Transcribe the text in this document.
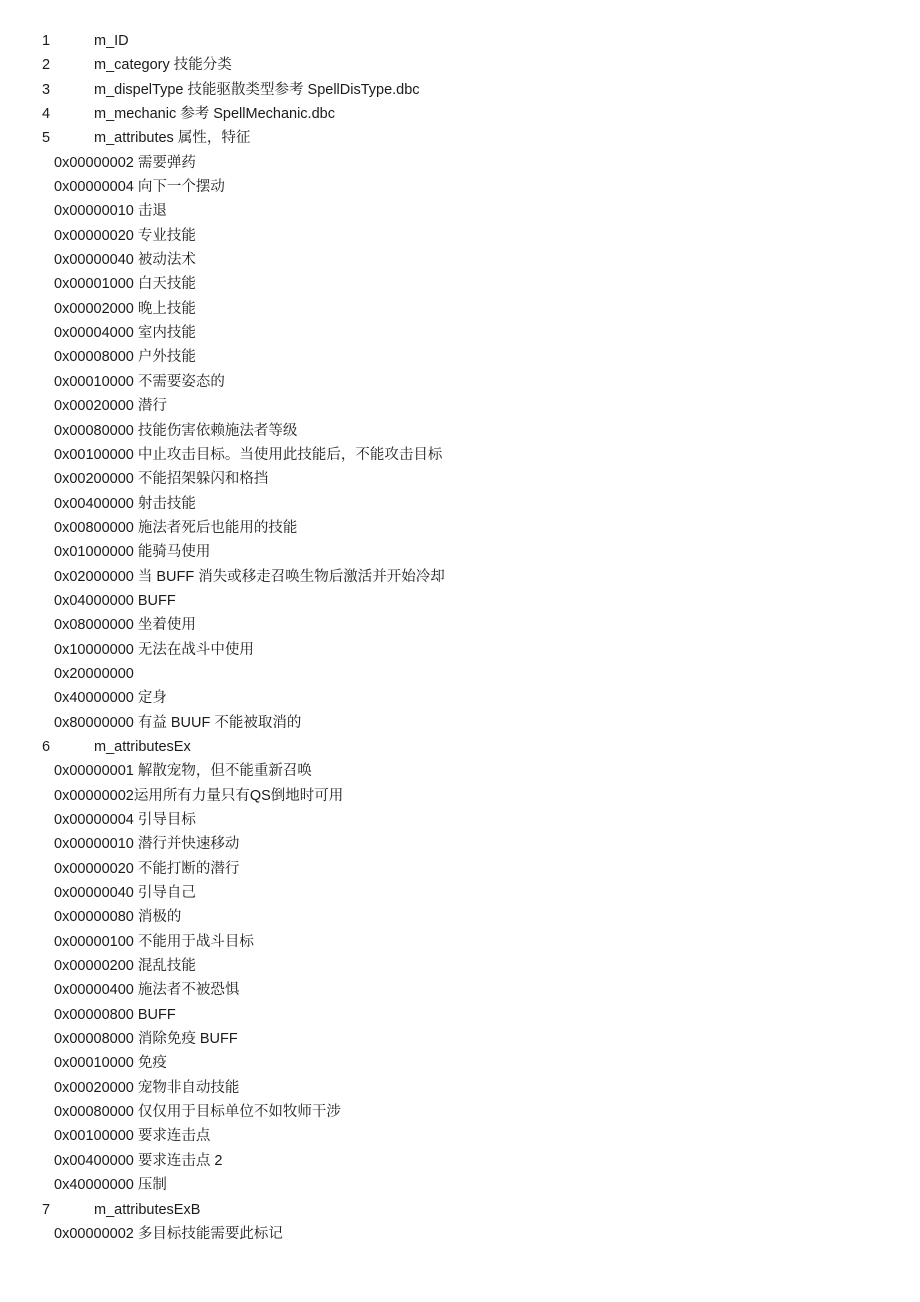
1	m_ID
2	m_category 技能分类
3	m_dispelType 技能驱散类型参考 SpellDisType.dbc
4	m_mechanic 参考 SpellMechanic.dbc
5	m_attributes 属性，特征
0x00000002 需要弹药
0x00000004 向下一个摆动
0x00000010 击退
0x00000020 专业技能
0x00000040 被动法术
0x00001000 白天技能
0x00002000 晚上技能
0x00004000 室内技能
0x00008000 户外技能
0x00010000 不需要姿态的
0x00020000 潜行
0x00080000 技能伤害依赖施法者等级
0x00100000 中止攻击目标。当使用此技能后，不能攻击目标
0x00200000 不能招架躲闪和格挡
0x00400000 射击技能
0x00800000 施法者死后也能用的技能
0x01000000 能骑马使用
0x02000000 当 BUFF 消失或移走召唤生物后激活并开始冷却
0x04000000 BUFF
0x08000000 坐着使用
0x10000000 无法在战斗中使用
0x20000000
0x40000000 定身
0x80000000 有益 BUUF 不能被取消的
6	m_attributesEx
0x00000001 解散宠物，但不能重新召唤
0x00000002运用所有力量只有QS倒地时可用
0x00000004 引导目标
0x00000010 潜行并快速移动
0x00000020 不能打断的潜行
0x00000040 引导自己
0x00000080 消极的
0x00000100 不能用于战斗目标
0x00000200 混乱技能
0x00000400 施法者不被恐惧
0x00000800 BUFF
0x00008000 消除免疫 BUFF
0x00010000 免疫
0x00020000 宠物非自动技能
0x00080000 仅仅用于目标单位不如牧师干涉
0x00100000 要求连击点
0x00400000 要求连击点 2
0x40000000 压制
7	m_attributesExB
0x00000002 多目标技能需要此标记
